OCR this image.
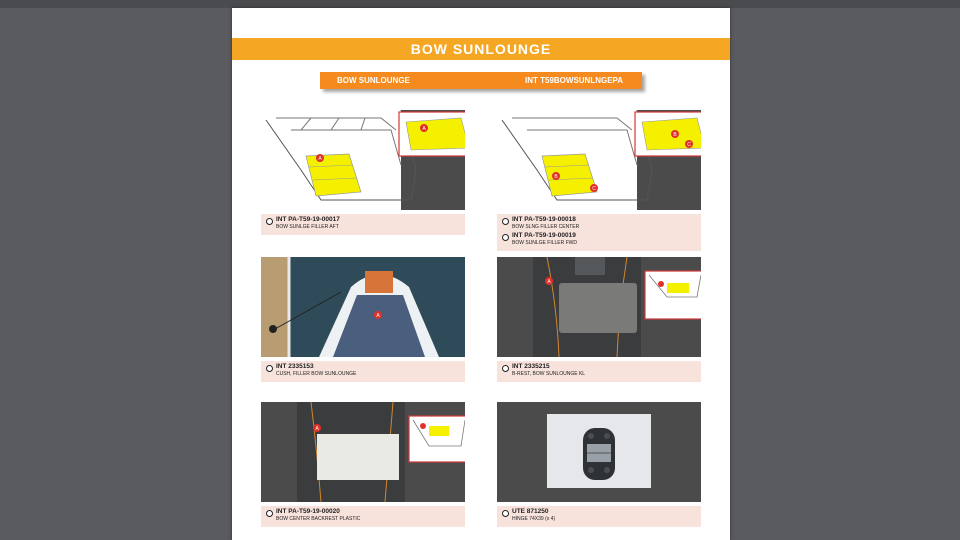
BOW SUNLOUNGE
BOW SUNLOUNGE	INT T59BOWSUNLNGEPA
A
A
INT PA-T59-19-00017
BOW SUNLGE FILLER AFT
B
C
B
C
INT PA-T59-19-00018
BOW SLNG FILLER CENTER
INT PA-T59-19-00019
BOW SUNLGE FILLER FWD
A
INT 2335153
CUSH, FILLER BOW SUNLOUNGE
A
INT 2335215
B-REST, BOW SUNLOUNGE KL
A
INT PA-T59-19-00020
BOW CENTER BACKREST PLASTIC
UTE 871250
HINGE 74X39 (x 4)
